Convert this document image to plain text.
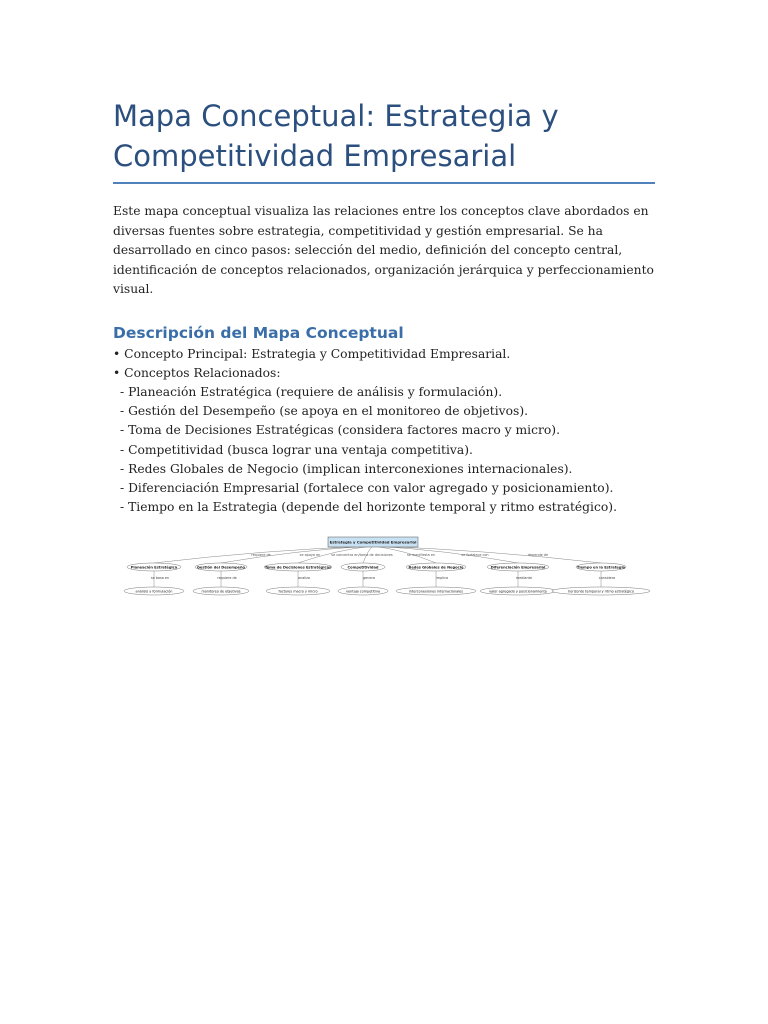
Mapa Conceptual: Estrategia y
Competitividad Empresarial

Este mapa conceptual visualiza las relaciones entre los conceptos clave abordados en diversas fuentes sobre estrategia, competitividad y gestión empresarial. Se ha desarrollado en cinco pasos: selección del medio, definición del concepto central, identificación de conceptos relacionados, organización jerárquica y perfeccionamiento visual.

Descripción del Mapa Conceptual
• Concepto Principal: Estrategia y Competitividad Empresarial.
• Conceptos Relacionados:
- Planeación Estratégica (requiere de análisis y formulación).
- Gestión del Desempeño (se apoya en el monitoreo de objetivos).
- Toma de Decisiones Estratégicas (considera factores macro y micro).
- Competitividad (busca lograr una ventaja competitiva).
- Redes Globales de Negocio (implican interconexiones internacionales).
- Diferenciación Empresarial (fortalece con valor agregado y posicionamiento).
- Tiempo en la Estrategia (depende del horizonte temporal y ritmo estratégico).
requiere de	se apoya en	se concentra en/toma de decisiones	se manifiesta en	se fortalece con	depende de
Estrategia y Competitividad Empresarial
Planeación Estratégica
se basa en
análisis y formulación
Gestión del Desempeño
requiere de
monitoreo de objetivos
Toma de Decisiones Estratégicas
analiza
factores macro y micro
Competitividad
genera
ventaja competitiva
Redes Globales de Negocio
implica
interconexiones internacionales
Diferenciación Empresarial
mediante
valor agregado y posicionamiento
Tiempo en la Estrategia
considera
horizonte temporal y ritmo estratégico
